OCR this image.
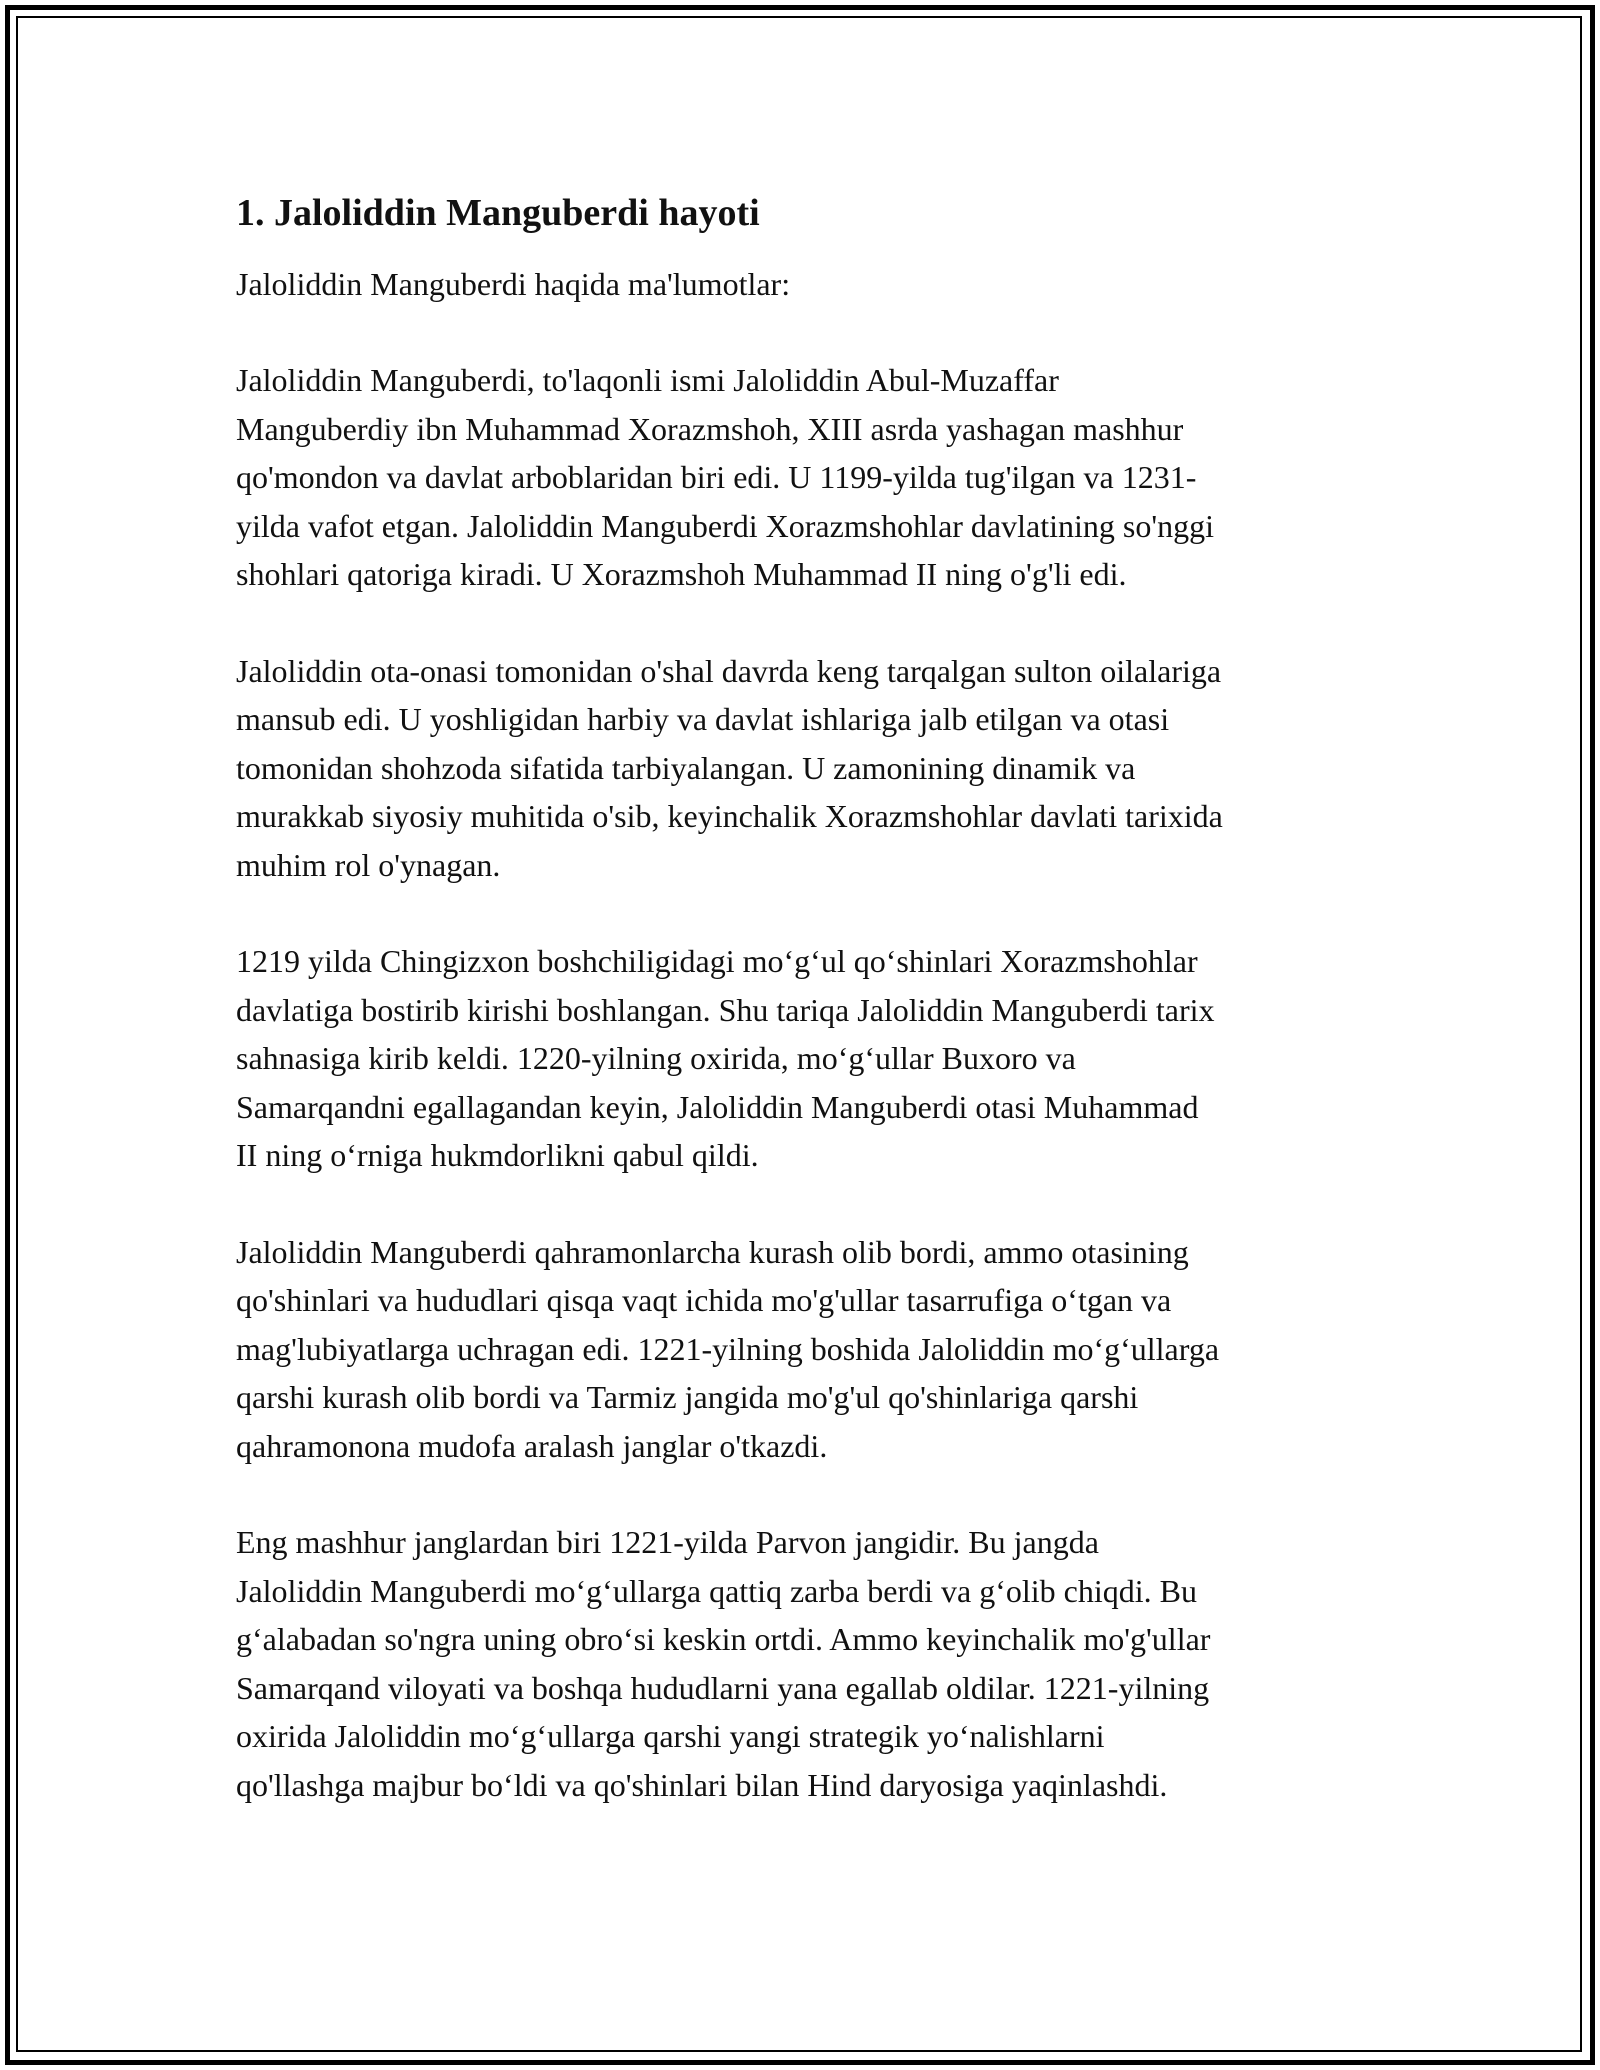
1. Jaloliddin Manguberdi hayoti

Jaloliddin Manguberdi haqida ma'lumotlar:

Jaloliddin Manguberdi, to'laqonli ismi Jaloliddin Abul-Muzaffar
Manguberdiy ibn Muhammad Xorazmshoh, XIII asrda yashagan mashhur
qo'mondon va davlat arboblaridan biri edi. U 1199-yilda tug'ilgan va 1231-
yilda vafot etgan. Jaloliddin Manguberdi Xorazmshohlar davlatining so'nggi
shohlari qatoriga kiradi. U Xorazmshoh Muhammad II ning o'g'li edi.

Jaloliddin ota-onasi tomonidan o'shal davrda keng tarqalgan sulton oilalariga
mansub edi. U yoshligidan harbiy va davlat ishlariga jalb etilgan va otasi
tomonidan shohzoda sifatida tarbiyalangan. U zamonining dinamik va
murakkab siyosiy muhitida o'sib, keyinchalik Xorazmshohlar davlati tarixida
muhim rol o'ynagan.

1219 yilda Chingizxon boshchiligidagi mo‘g‘ul qo‘shinlari Xorazmshohlar
davlatiga bostirib kirishi boshlangan. Shu tariqa Jaloliddin Manguberdi tarix
sahnasiga kirib keldi. 1220-yilning oxirida, mo‘g‘ullar Buxoro va
Samarqandni egallagandan keyin, Jaloliddin Manguberdi otasi Muhammad
II ning o‘rniga hukmdorlikni qabul qildi.

Jaloliddin Manguberdi qahramonlarcha kurash olib bordi, ammo otasining
qo'shinlari va hududlari qisqa vaqt ichida mo'g'ullar tasarrufiga o‘tgan va
mag'lubiyatlarga uchragan edi. 1221-yilning boshida Jaloliddin mo‘g‘ullarga
qarshi kurash olib bordi va Tarmiz jangida mo'g'ul qo'shinlariga qarshi
qahramonona mudofa aralash janglar o'tkazdi.

Eng mashhur janglardan biri 1221-yilda Parvon jangidir. Bu jangda
Jaloliddin Manguberdi mo‘g‘ullarga qattiq zarba berdi va g‘olib chiqdi. Bu
g‘alabadan so'ngra uning obro‘si keskin ortdi. Ammo keyinchalik mo'g'ullar
Samarqand viloyati va boshqa hududlarni yana egallab oldilar. 1221-yilning
oxirida Jaloliddin mo‘g‘ullarga qarshi yangi strategik yo‘nalishlarni
qo'llashga majbur bo‘ldi va qo'shinlari bilan Hind daryosiga yaqinlashdi.
